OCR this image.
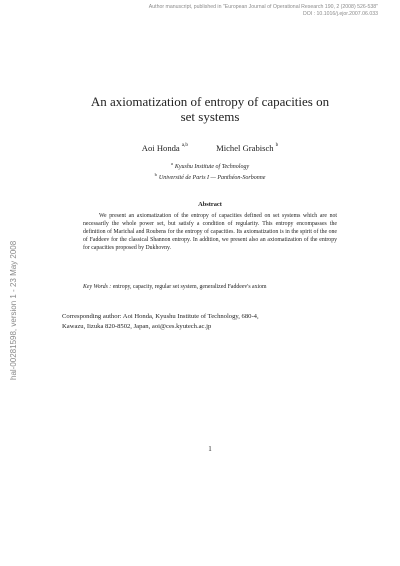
Author manuscript, published in "European Journal of Operational Research 190, 2 (2008) 526-538"
DOI : 10.1016/j.ejor.2007.06.033
hal-00281598, version 1 - 23 May 2008
An axiomatization of entropy of capacities on
set systems
Aoi Honda $^{a,b}$	Michel Grabisch $^b$
$^a$Kyushu Institute of Technology
$^b$Université de Paris I — Panthéon-Sorbonne
Abstract

We present an axiomatization of the entropy of capacities defined on set systems which are not necessarily the whole power set, but satisfy a condition of regularity. This entropy encompasses the definition of Marichal and Roubens for the entropy of capacities. Its axiomatization is in the spirit of the one of Faddeev for the classical Shannon entropy. In addition, we present also an axiomatization of the entropy for capacities proposed by Dukhovny.

Key Words : entropy, capacity, regular set system, generalized Faddeev's axiom
Corresponding author: Aoi Honda, Kyushu Institute of Technology, 680-4,
Kawazu, Iizuka 820-8502, Japan, aoi@ces.kyutech.ac.jp
1
